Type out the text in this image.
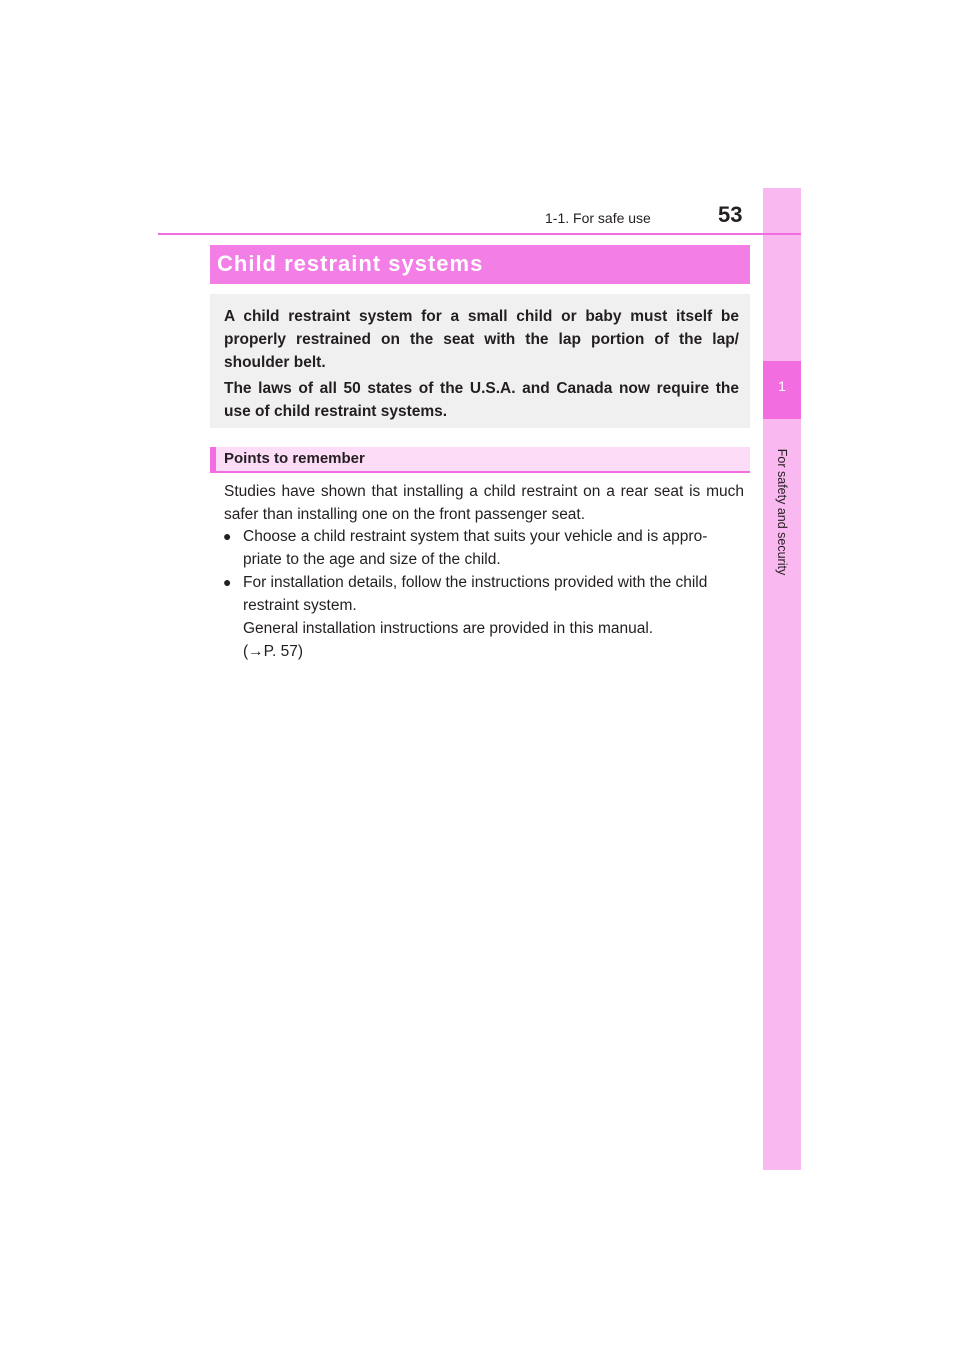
1
For safety and security
1-1. For safe use	53
Child restraint systems

A child restraint system for a small child or baby must itself be properly restrained on the seat with the lap portion of the lap/ shoulder belt.

The laws of all 50 states of the U.S.A. and Canada now require the use of child restraint systems.

Points to remember

Studies have shown that installing a child restraint on a rear seat is much safer than installing one on the front passenger seat.

● Choose a child restraint system that suits your vehicle and is appro- priate to the age and size of the child.

● For installation details, follow the instructions provided with the child restraint system.
General installation instructions are provided in this manual.
(→P. 57)
